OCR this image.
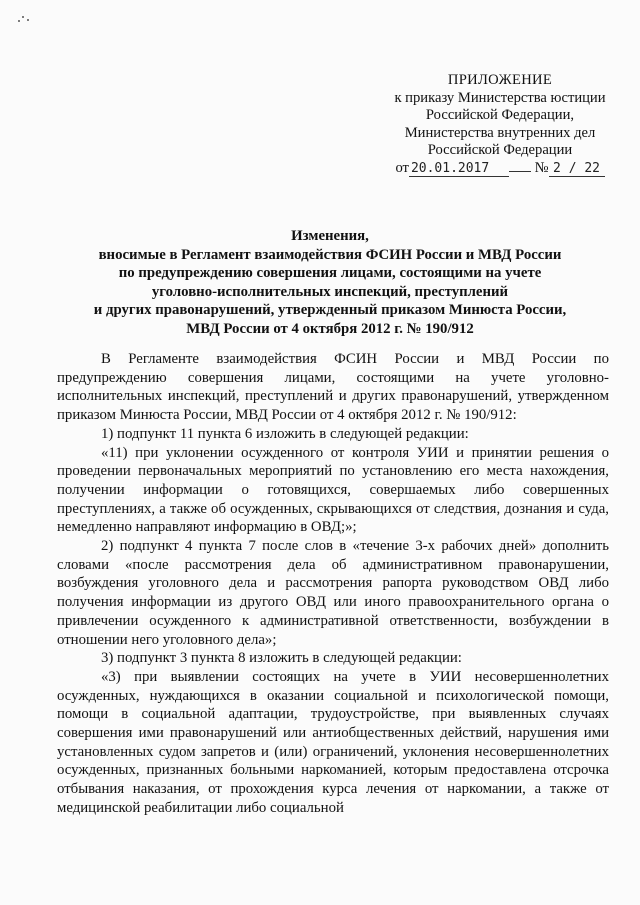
ПРИЛОЖЕНИЕ
к приказу Министерства юстиции
Российской Федерации,
Министерства внутренних дел
Российской Федерации
от 20.01.2017	№ 2 / 22
Изменения,
вносимые в Регламент взаимодействия ФСИН России и МВД России
по предупреждению совершения лицами, состоящими на учете
уголовно-исполнительных инспекций, преступлений
и других правонарушений, утвержденный приказом Минюста России,
МВД России от 4 октября 2012 г. № 190/912

В Регламенте взаимодействия ФСИН России и МВД России по предупреждению совершения лицами, состоящими на учете уголовно-исполнительных инспекций, преступлений и других правонарушений, утвержденном приказом Минюста России, МВД России от 4 октября 2012 г. № 190/912:

1) подпункт 11 пункта 6 изложить в следующей редакции:

«11) при уклонении осужденного от контроля УИИ и принятии решения о проведении первоначальных мероприятий по установлению его места нахождения, получении информации о готовящихся, совершаемых либо совершенных преступлениях, а также об осужденных, скрывающихся от следствия, дознания и суда, немедленно направляют информацию в ОВД;»;

2) подпункт 4 пункта 7 после слов в «течение 3-х рабочих дней» дополнить словами «после рассмотрения дела об административном правонарушении, возбуждения уголовного дела и рассмотрения рапорта руководством ОВД либо получения информации из другого ОВД или иного правоохранительного органа о привлечении осужденного к административной ответственности, возбуждении в отношении него уголовного дела»;

3) подпункт 3 пункта 8 изложить в следующей редакции:

«3) при выявлении состоящих на учете в УИИ несовершеннолетних осужденных, нуждающихся в оказании социальной и психологической помощи, помощи в социальной адаптации, трудоустройстве, при выявленных случаях совершения ими правонарушений или антиобщественных действий, нарушения ими установленных судом запретов и (или) ограничений, уклонения несовершеннолетних осужденных, признанных больными наркоманией, которым предоставлена отсрочка отбывания наказания, от прохождения курса лечения от наркомании, а также от медицинской реабилитации либо социальной
